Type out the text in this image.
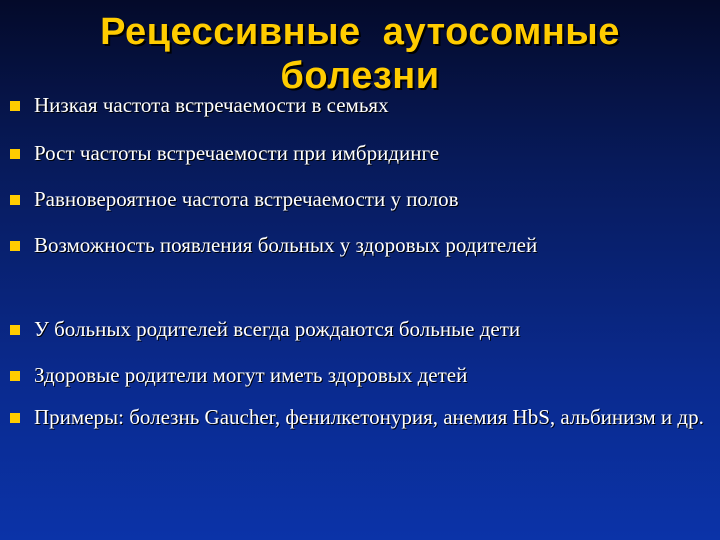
Низкая частота встречаемости в семьях
Рост частоты встречаемости при имбридинге
Равновероятное частота встречаемости у полов
Возможность появления больных у здоровых родителей
У больных родителей всегда рождаются больные дети
Здоровые родители могут иметь здоровых детей
Примеры: болезнь Gaucher, фенилкетонурия, анемия HbS, альбинизм и др.
Рецессивные  аутосомные
болезни
